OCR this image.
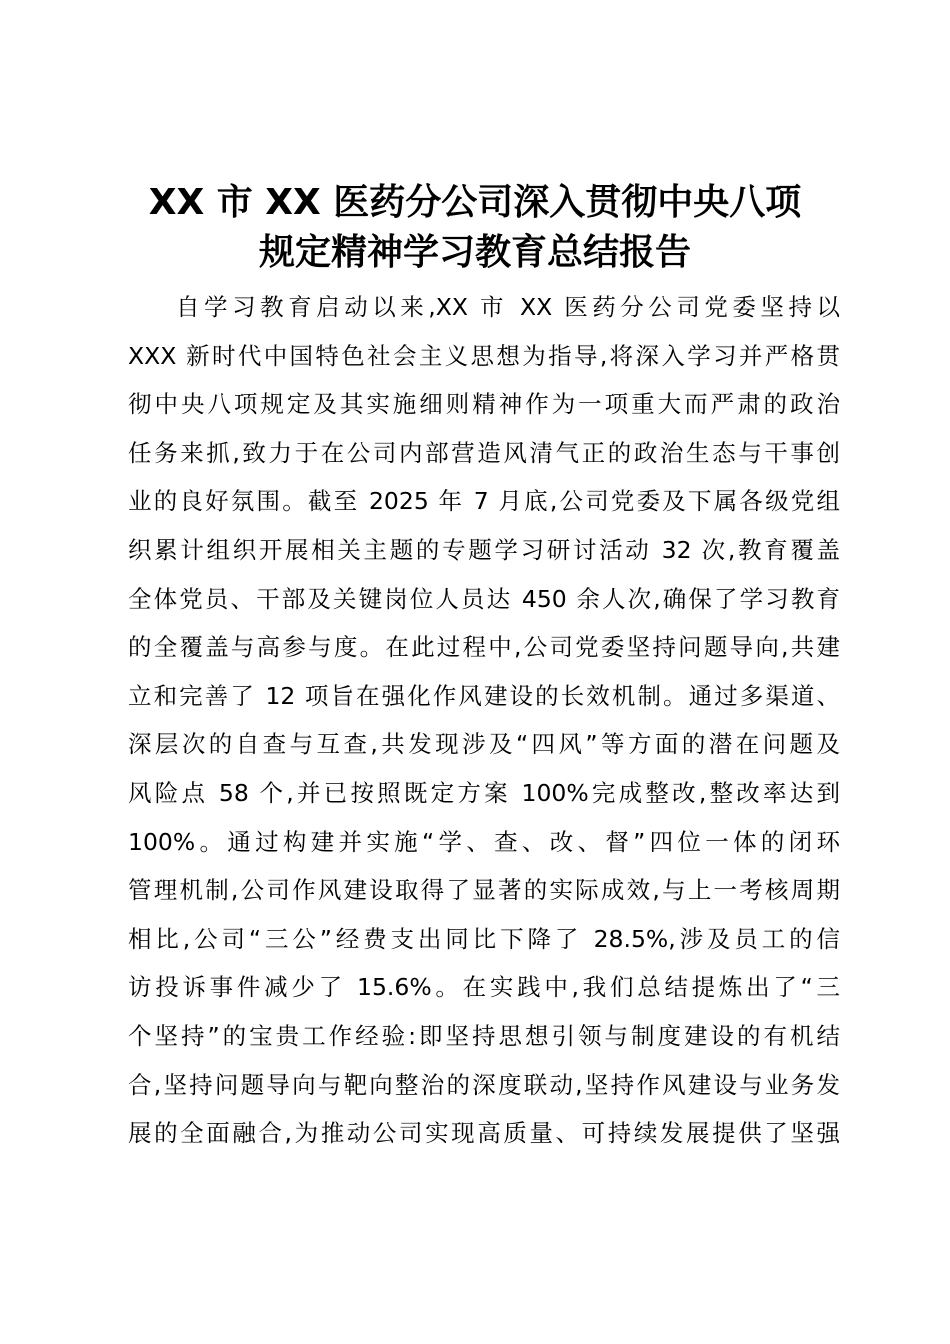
XX 市 XX 医药分公司深入贯彻中央八项
规定精神学习教育总结报告
自学习教育启动以来,XX 市 XX 医药分公司党委坚持以
XXX 新时代中国特色社会主义思想为指导,将深入学习并严格贯
彻中央八项规定及其实施细则精神作为一项重大而严肃的政治
任务来抓,致力于在公司内部营造风清气正的政治生态与干事创
业的良好氛围。截至 2025 年 7 月底,公司党委及下属各级党组
织累计组织开展相关主题的专题学习研讨活动 32 次,教育覆盖
全体党员、干部及关键岗位人员达 450 余人次,确保了学习教育
的全覆盖与高参与度。在此过程中,公司党委坚持问题导向,共建
立和完善了 12 项旨在强化作风建设的长效机制。通过多渠道、
深层次的自查与互查,共发现涉及“四风”等方面的潜在问题及
风险点 58 个,并已按照既定方案 100%完成整改,整改率达到
100%。通过构建并实施“学、查、改、督”四位一体的闭环
管理机制,公司作风建设取得了显著的实际成效,与上一考核周期
相比,公司“三公”经费支出同比下降了 28.5%,涉及员工的信
访投诉事件减少了 15.6%。在实践中,我们总结提炼出了“三
个坚持”的宝贵工作经验:即坚持思想引领与制度建设的有机结
合,坚持问题导向与靶向整治的深度联动,坚持作风建设与业务发
展的全面融合,为推动公司实现高质量、可持续发展提供了坚强
